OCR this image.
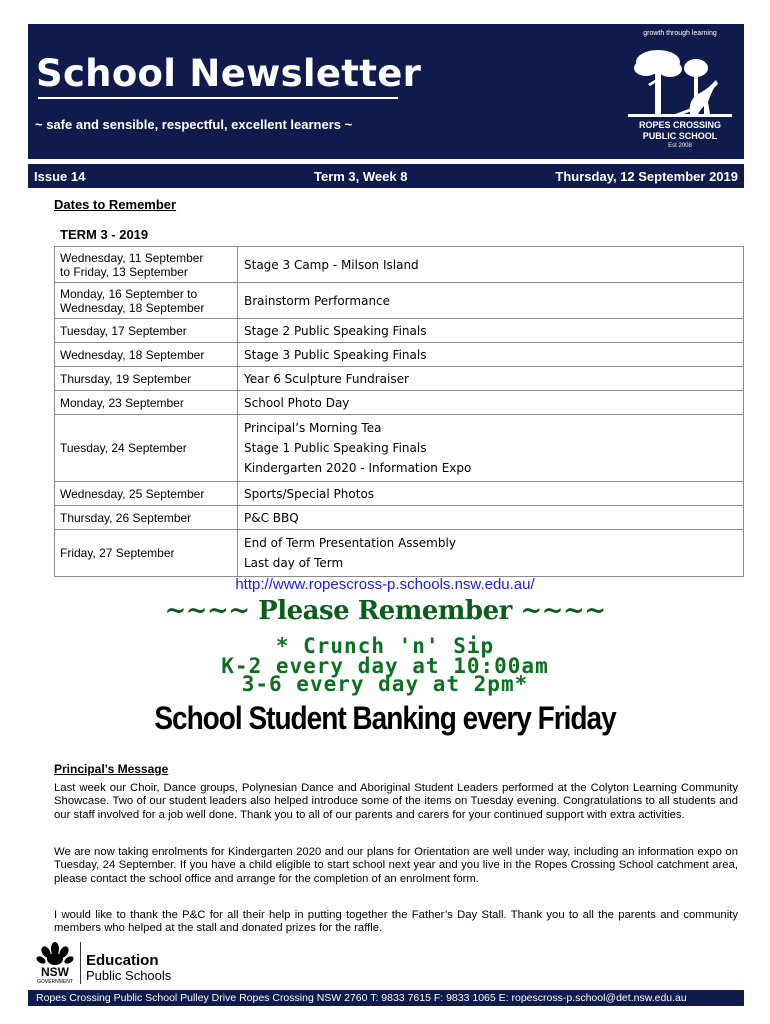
School Newsletter
~ safe and sensible, respectful, excellent learners ~
growth through learning
ROPES CROSSING
PUBLIC SCHOOL
Est 2008
Issue 14	Term 3, Week 8	Thursday, 12 September 2019
Dates to Remember
TERM 3 - 2019
Wednesday, 11 September
to Friday, 13 September	Stage 3 Camp - Milson Island

Monday, 16 September to
Wednesday, 18 September	Brainstorm Performance

Tuesday, 17 September	Stage 2 Public Speaking Finals

Wednesday, 18 September	Stage 3 Public Speaking Finals

Thursday, 19 September	Year 6 Sculpture Fundraiser

Monday, 23 September	School Photo Day

Tuesday, 24 September	Principal’s Morning Tea
Stage 1 Public Speaking Finals
Kindergarten 2020 - Information Expo

Wednesday, 25 September	Sports/Special Photos

Thursday, 26 September	P&C BBQ

Friday, 27 September	End of Term Presentation Assembly
Last day of Term
http://www.ropescross-p.schools.nsw.edu.au/
~~~~ Please Remember ~~~~
* Crunch 'n' Sip
K-2 every day at 10:00am
3-6 every day at 2pm*
School Student Banking every Friday
Principal’s Message
Last week our Choir, Dance groups, Polynesian Dance and Aboriginal Student Leaders performed at the Colyton Learning Community Showcase. Two of our student leaders also helped introduce some of the items on Tuesday evening. Congratulations to all students and our staff involved for a job well done. Thank you to all of our parents and carers for your continued support with extra activities.
We are now taking enrolments for Kindergarten 2020 and our plans for Orientation are well under way, including an information expo on Tuesday, 24 September. If you have a child eligible to start school next year and you live in the Ropes Crossing School catchment area, please contact the school office and arrange for the completion of an enrolment form.
I would like to thank the P&C for all their help in putting together the Father’s Day Stall. Thank you to all the parents and community members who helped at the stall and donated prizes for the raffle.
NSW
GOVERNMENT
Education
Public Schools
Ropes Crossing Public School Pulley Drive Ropes Crossing NSW 2760 T: 9833 7615 F: 9833 1065 E: ropescross-p.school@det.nsw.edu.au
